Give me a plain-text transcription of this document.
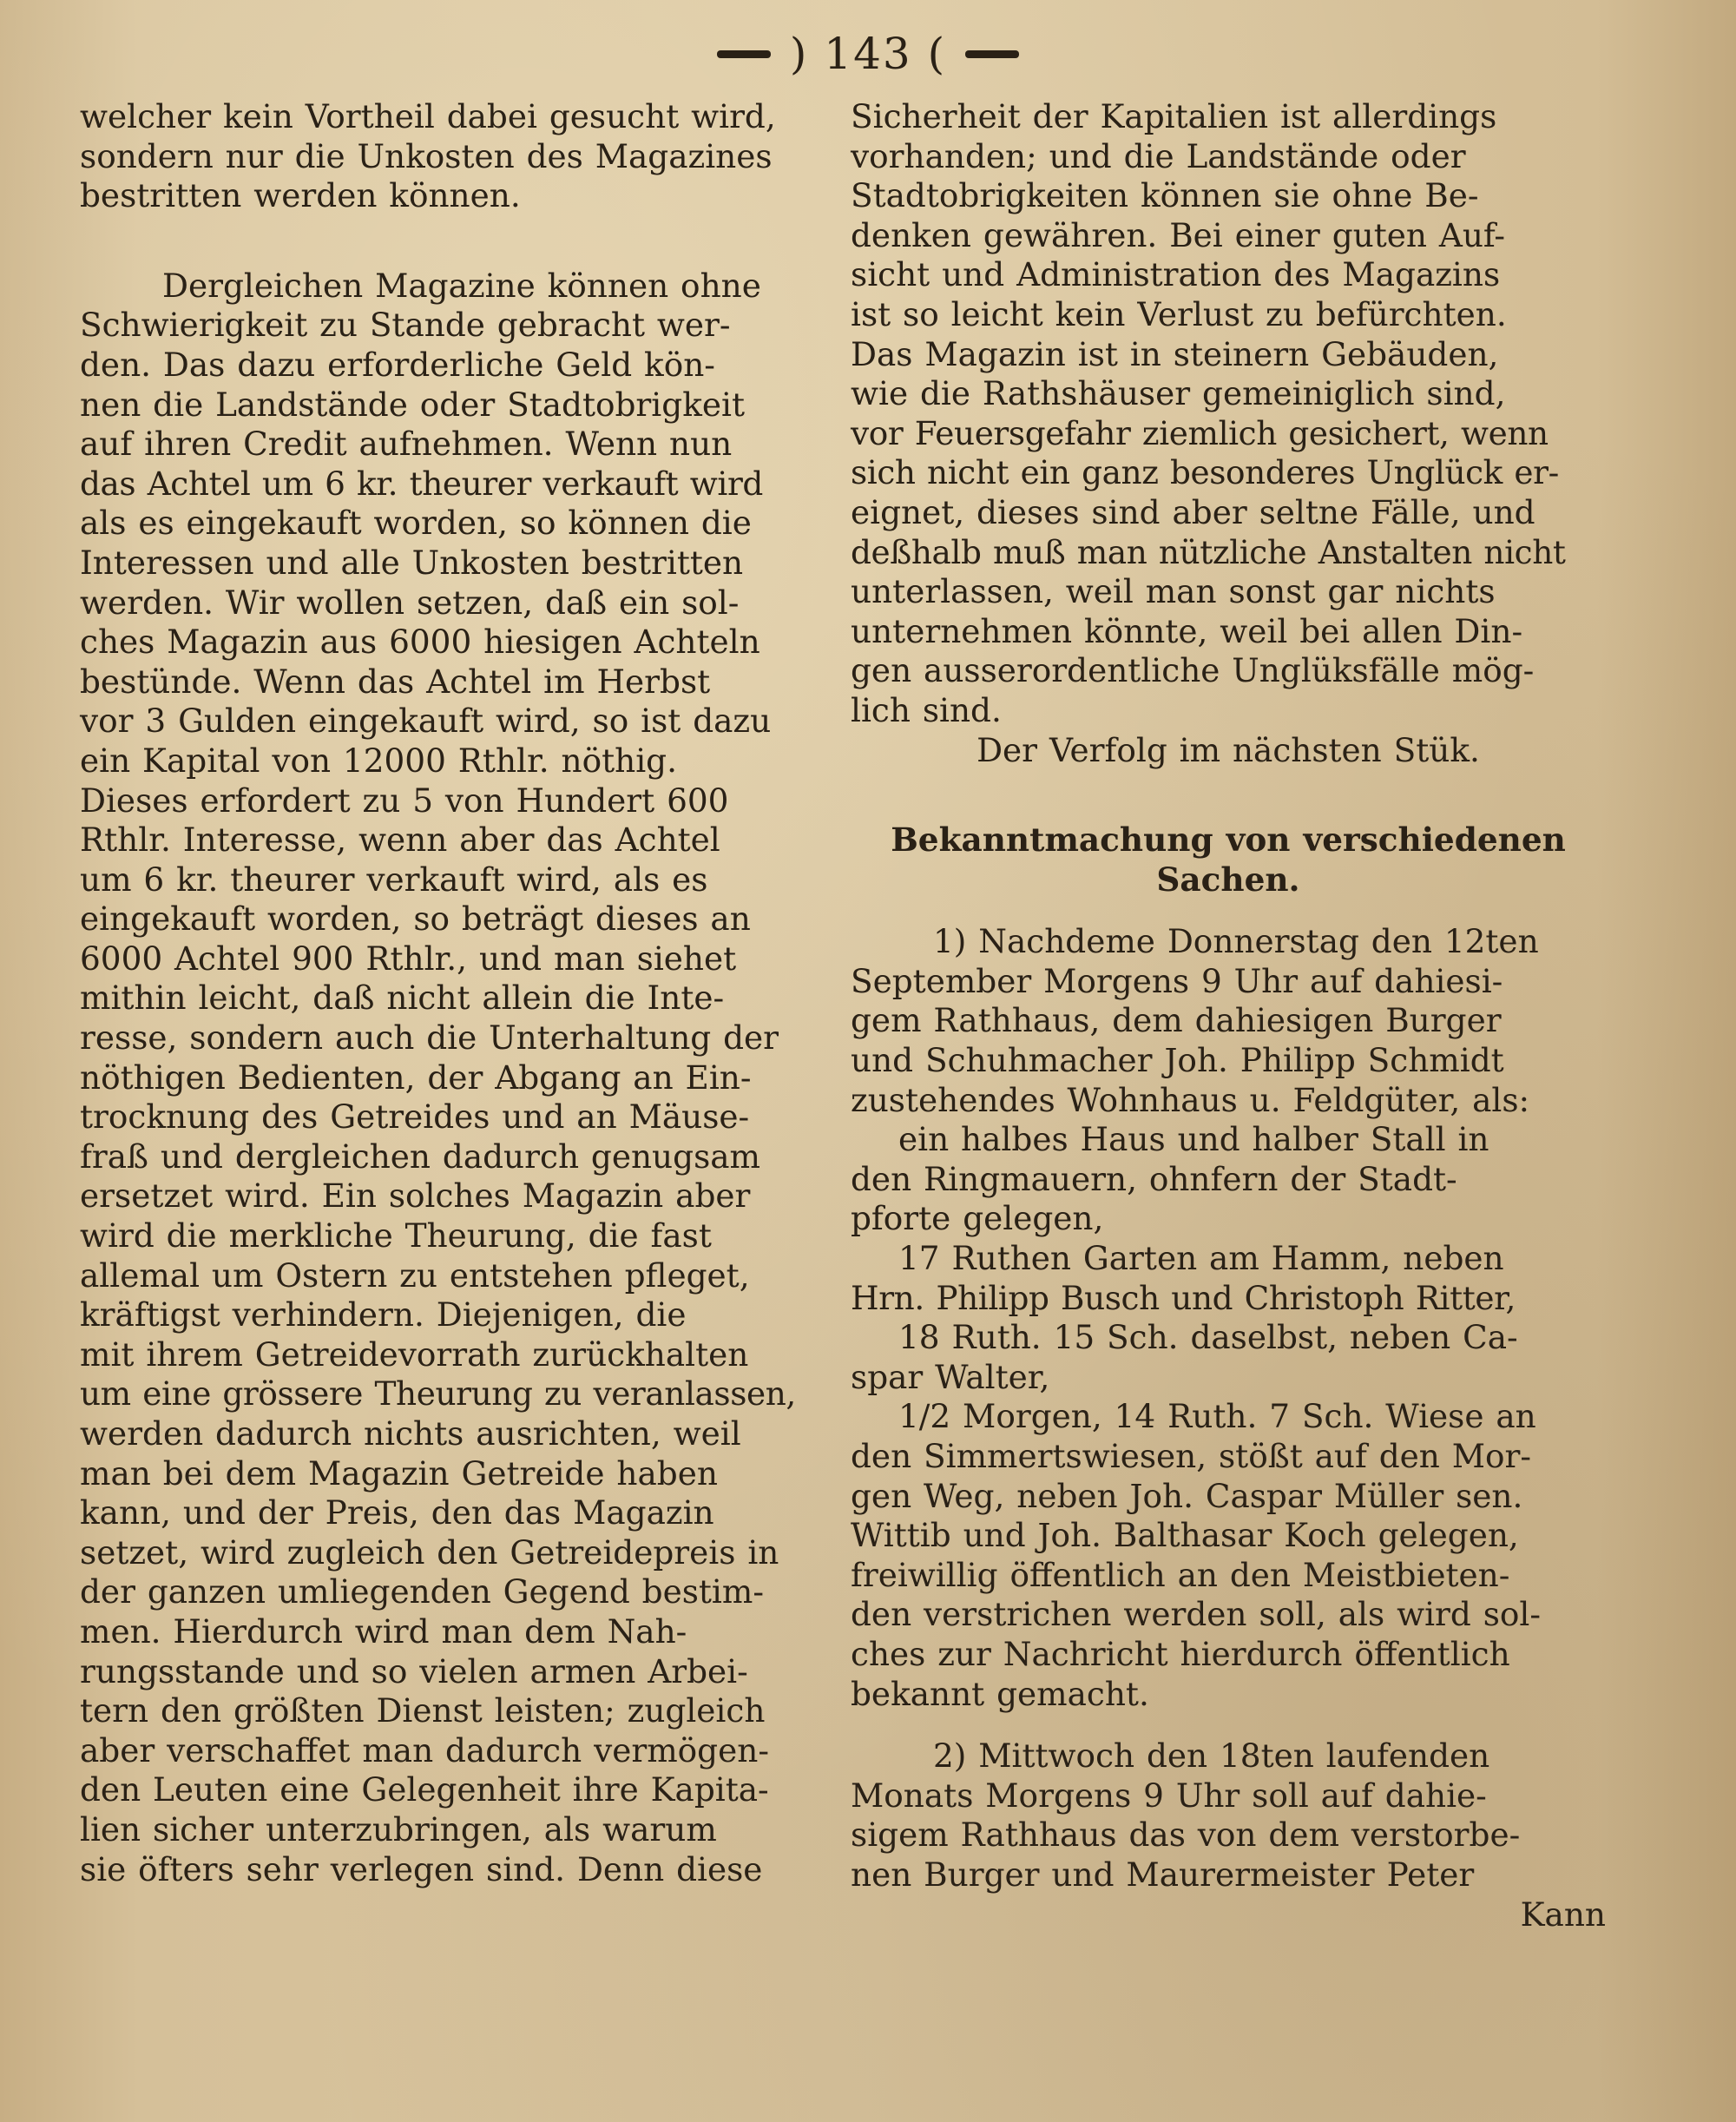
) 143 (
welcher kein Vortheil dabei gesucht wird,
sondern nur die Unkosten des Magazines
bestritten werden können.
Dergleichen Magazine können ohne
Schwierigkeit zu Stande gebracht wer-
den. Das dazu erforderliche Geld kön-
nen die Landstände oder Stadtobrigkeit
auf ihren Credit aufnehmen. Wenn nun
das Achtel um 6 kr. theurer verkauft wird
als es eingekauft worden, so können die
Interessen und alle Unkosten bestritten
werden. Wir wollen setzen, daß ein sol-
ches Magazin aus 6000 hiesigen Achteln
bestünde. Wenn das Achtel im Herbst
vor 3 Gulden eingekauft wird, so ist dazu
ein Kapital von 12000 Rthlr. nöthig.
Dieses erfordert zu 5 von Hundert 600
Rthlr. Interesse, wenn aber das Achtel
um 6 kr. theurer verkauft wird, als es
eingekauft worden, so beträgt dieses an
6000 Achtel 900 Rthlr., und man siehet
mithin leicht, daß nicht allein die Inte-
resse, sondern auch die Unterhaltung der
nöthigen Bedienten, der Abgang an Ein-
trocknung des Getreides und an Mäuse-
fraß und dergleichen dadurch genugsam
ersetzet wird. Ein solches Magazin aber
wird die merkliche Theurung, die fast
allemal um Ostern zu entstehen pfleget,
kräftigst verhindern. Diejenigen, die
mit ihrem Getreidevorrath zurückhalten
um eine grössere Theurung zu veranlassen,
werden dadurch nichts ausrichten, weil
man bei dem Magazin Getreide haben
kann, und der Preis, den das Magazin
setzet, wird zugleich den Getreidepreis in
der ganzen umliegenden Gegend bestim-
men. Hierdurch wird man dem Nah-
rungsstande und so vielen armen Arbei-
tern den größten Dienst leisten; zugleich
aber verschaffet man dadurch vermögen-
den Leuten eine Gelegenheit ihre Kapita-
lien sicher unterzubringen, als warum
sie öfters sehr verlegen sind. Denn diese
Sicherheit der Kapitalien ist allerdings
vorhanden; und die Landstände oder
Stadtobrigkeiten können sie ohne Be-
denken gewähren. Bei einer guten Auf-
sicht und Administration des Magazins
ist so leicht kein Verlust zu befürchten.
Das Magazin ist in steinern Gebäuden,
wie die Rathshäuser gemeiniglich sind,
vor Feuersgefahr ziemlich gesichert, wenn
sich nicht ein ganz besonderes Unglück er-
eignet, dieses sind aber seltne Fälle, und
deßhalb muß man nützliche Anstalten nicht
unterlassen, weil man sonst gar nichts
unternehmen könnte, weil bei allen Din-
gen ausserordentliche Unglüksfälle mög-
lich sind.
Der Verfolg im nächsten Stük.
Bekanntmachung von verschiedenen
Sachen.
1) Nachdeme Donnerstag den 12ten
September Morgens 9 Uhr auf dahiesi-
gem Rathhaus, dem dahiesigen Burger
und Schuhmacher Joh. Philipp Schmidt
zustehendes Wohnhaus u. Feldgüter, als:
ein halbes Haus und halber Stall in
den Ringmauern, ohnfern der Stadt-
pforte gelegen,
17 Ruthen Garten am Hamm, neben
Hrn. Philipp Busch und Christoph Ritter,
18 Ruth. 15 Sch. daselbst, neben Ca-
spar Walter,
1/2 Morgen, 14 Ruth. 7 Sch. Wiese an
den Simmertswiesen, stößt auf den Mor-
gen Weg, neben Joh. Caspar Müller sen.
Wittib und Joh. Balthasar Koch gelegen,
freiwillig öffentlich an den Meistbieten-
den verstrichen werden soll, als wird sol-
ches zur Nachricht hierdurch öffentlich
bekannt gemacht.
2) Mittwoch den 18ten laufenden
Monats Morgens 9 Uhr soll auf dahie-
sigem Rathhaus das von dem verstorbe-
nen Burger und Maurermeister Peter
Kann
